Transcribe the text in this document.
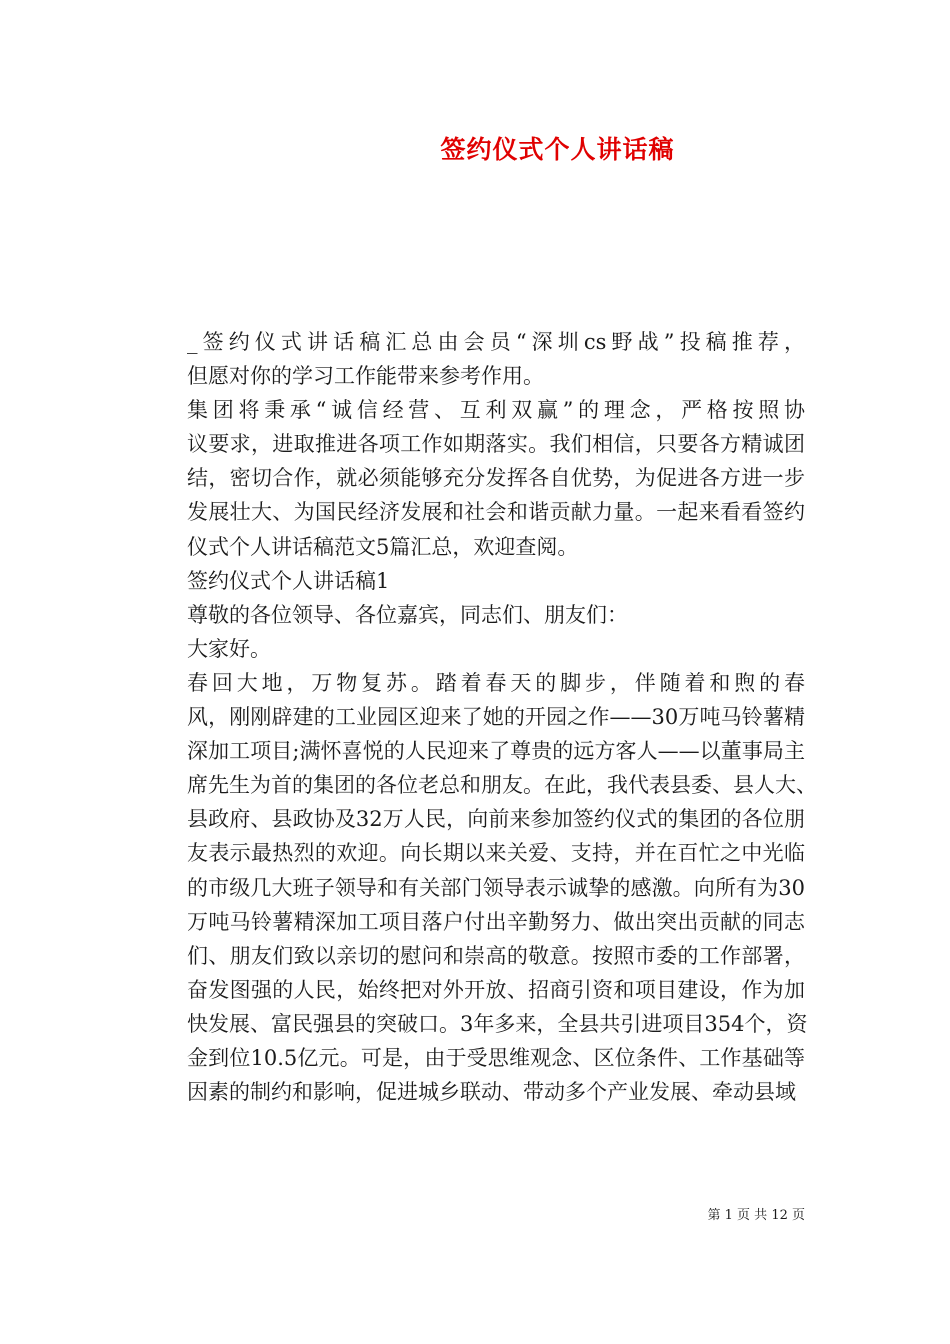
签约仪式个人讲话稿

_签约仪式讲话稿汇总由会员“深圳cs野战”投稿推荐，
但愿对你的学习工作能带来参考作用。

集团将秉承“诚信经营、互利双赢”的理念，严格按照协
议要求，进取推进各项工作如期落实。我们相信，只要各方精诚团
结，密切合作，就必须能够充分发挥各自优势，为促进各方进一步
发展壮大、为国民经济发展和社会和谐贡献力量。一起来看看签约
仪式个人讲话稿范文5篇汇总，欢迎查阅。

签约仪式个人讲话稿1

尊敬的各位领导、各位嘉宾，同志们、朋友们：

大家好。

春回大地，万物复苏。踏着春天的脚步，伴随着和煦的春
风，刚刚辟建的工业园区迎来了她的开园之作——30万吨马铃薯精
深加工项目;满怀喜悦的人民迎来了尊贵的远方客人——以董事局主
席先生为首的集团的各位老总和朋友。在此，我代表县委、县人大、
县政府、县政协及32万人民，向前来参加签约仪式的集团的各位朋
友表示最热烈的欢迎。向长期以来关爱、支持，并在百忙之中光临
的市级几大班子领导和有关部门领导表示诚挚的感激。向所有为30
万吨马铃薯精深加工项目落户付出辛勤努力、做出突出贡献的同志
们、朋友们致以亲切的慰问和崇高的敬意。按照市委的工作部署，
奋发图强的人民，始终把对外开放、招商引资和项目建设，作为加
快发展、富民强县的突破口。3年多来，全县共引进项目354个，资
金到位10.5亿元。可是，由于受思维观念、区位条件、工作基础等
因素的制约和影响，促进城乡联动、带动多个产业发展、牵动县域

第 1 页 共 12 页
